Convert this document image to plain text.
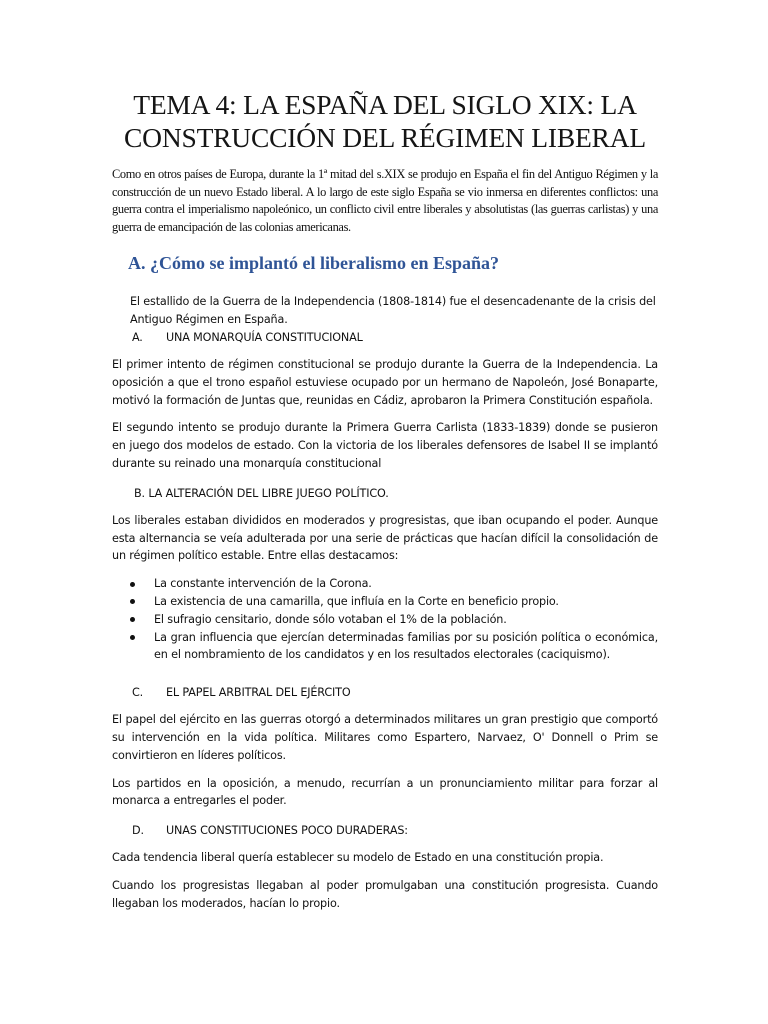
TEMA 4: LA ESPAÑA DEL SIGLO XIX: LA CONSTRUCCIÓN DEL RÉGIMEN LIBERAL

Como en otros países de Europa, durante la 1ª mitad del s.XIX se produjo en España el fin del Antiguo Régimen y la construcción de un nuevo Estado liberal. A lo largo de este siglo España se vio inmersa en diferentes conflictos: una guerra contra el imperialismo napoleónico, un conflicto civil entre liberales y absolutistas (las guerras carlistas) y una guerra de emancipación de las colonias americanas.

A. ¿Cómo se implantó el liberalismo en España?

El estallido de la Guerra de la Independencia (1808-1814) fue el desencadenante de la crisis del Antiguo Régimen en España.

A. UNA MONARQUÍA CONSTITUCIONAL

El primer intento de régimen constitucional se produjo durante la Guerra de la Independencia. La oposición a que el trono español estuviese ocupado por un hermano de Napoleón, José Bonaparte, motivó la formación de Juntas que, reunidas en Cádiz, aprobaron la Primera Constitución española.

El segundo intento se produjo durante la Primera Guerra Carlista (1833-1839) donde se pusieron en juego dos modelos de estado. Con la victoria de los liberales defensores de Isabel II se implantó durante su reinado una monarquía constitucional

B. LA ALTERACIÓN DEL LIBRE JUEGO POLÍTICO.

Los liberales estaban divididos en moderados y progresistas, que iban ocupando el poder. Aunque esta alternancia se veía adulterada por una serie de prácticas que hacían difícil la consolidación de un régimen político estable. Entre ellas destacamos:

La constante intervención de la Corona.
La existencia de una camarilla, que influía en la Corte en beneficio propio.
El sufragio censitario, donde sólo votaban el 1% de la población.
La gran influencia que ejercían determinadas familias por su posición política o económica, en el nombramiento de los candidatos y en los resultados electorales (caciquismo).
C. EL PAPEL ARBITRAL DEL EJÉRCITO

El papel del ejército en las guerras otorgó a determinados militares un gran prestigio que comportó su intervención en la vida política. Militares como Espartero, Narvaez, O' Donnell o Prim se convirtieron en líderes políticos.

Los partidos en la oposición, a menudo, recurrían a un pronunciamiento militar para forzar al monarca a entregarles el poder.

D. UNAS CONSTITUCIONES POCO DURADERAS:

Cada tendencia liberal quería establecer su modelo de Estado en una constitución propia.

Cuando los progresistas llegaban al poder promulgaban una constitución progresista. Cuando llegaban los moderados, hacían lo propio.
